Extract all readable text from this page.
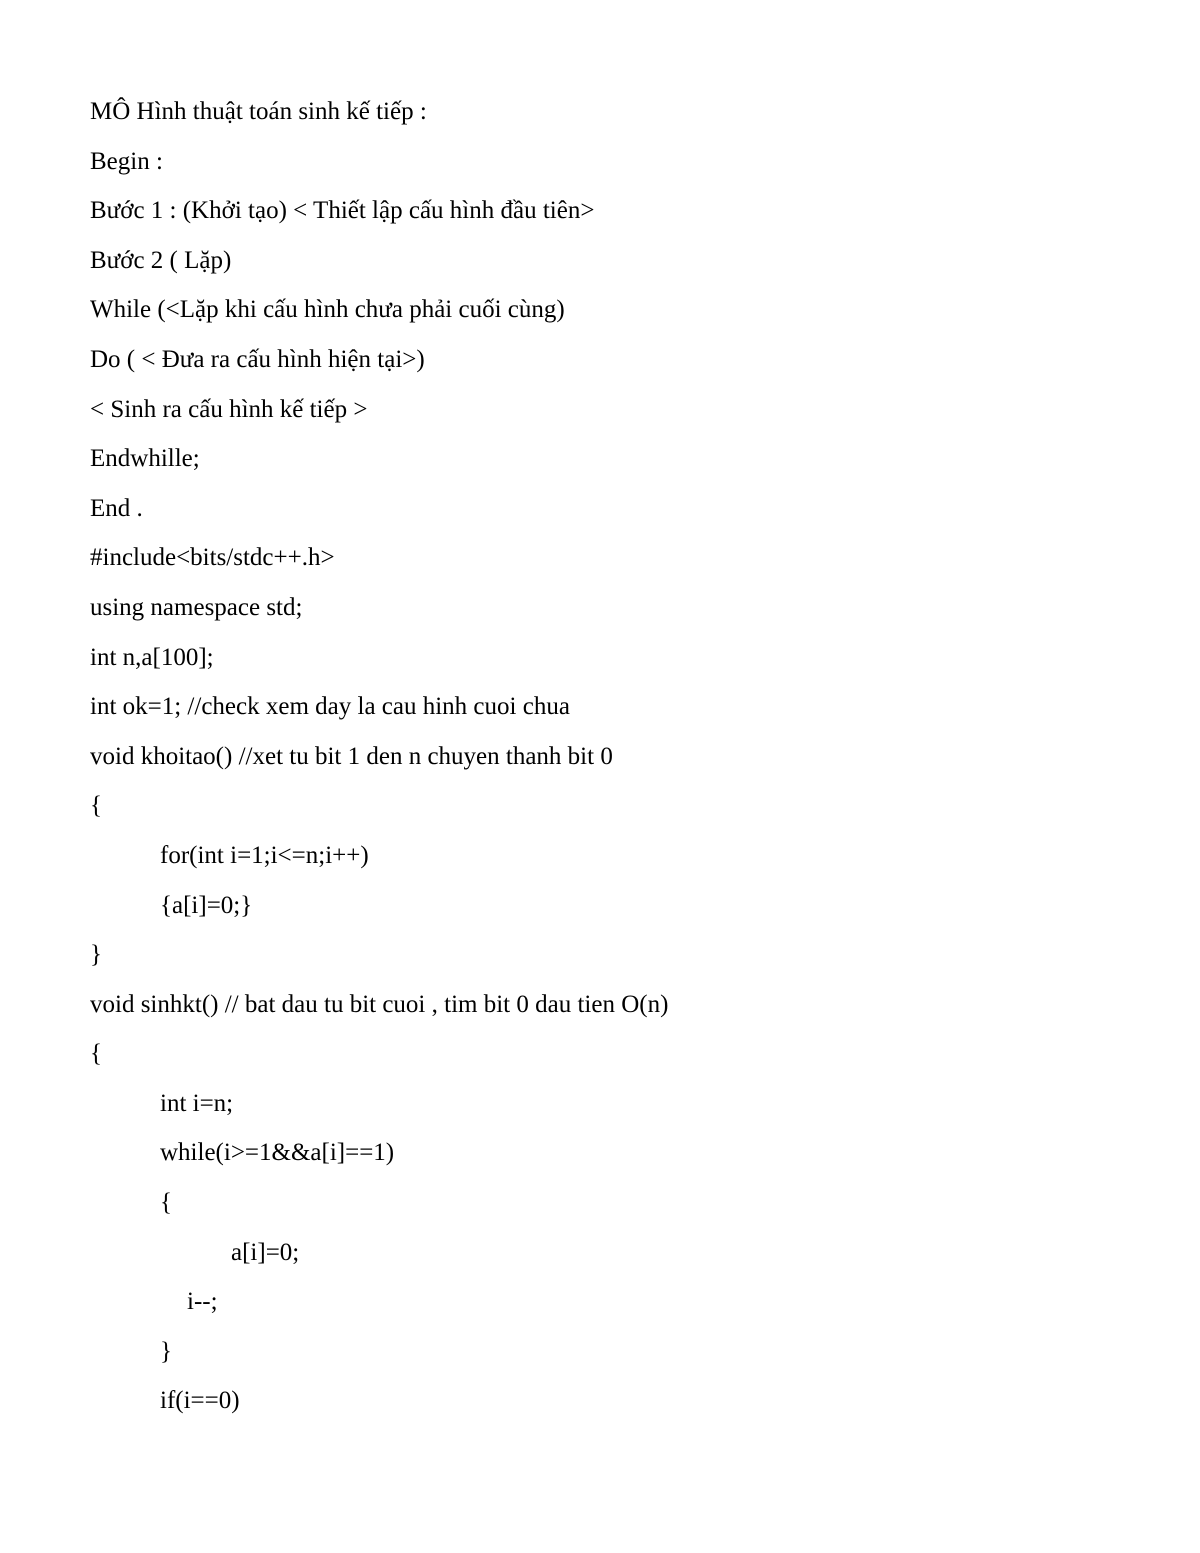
MÔ Hình thuật toán sinh kế tiếp :
Begin :
Bước 1 : (Khởi tạo) < Thiết lập cấu hình đầu tiên>
Bước 2 ( Lặp)
While (<Lặp khi cấu hình chưa phải cuối cùng)
Do ( < Đưa ra cấu hình hiện tại>)
< Sinh ra cấu hình kế tiếp >
Endwhille;
End .
#include<bits/stdc++.h>
using namespace std;
int n,a[100];
int ok=1; //check xem day la cau hinh cuoi chua
void khoitao() //xet tu bit 1 den n chuyen thanh bit 0
{
for(int i=1;i<=n;i++)
{a[i]=0;}
}
void sinhkt() // bat dau tu bit cuoi , tim bit 0 dau tien O(n)
{
int i=n;
while(i>=1&&a[i]==1)
{
a[i]=0;
i--;
}
if(i==0)
